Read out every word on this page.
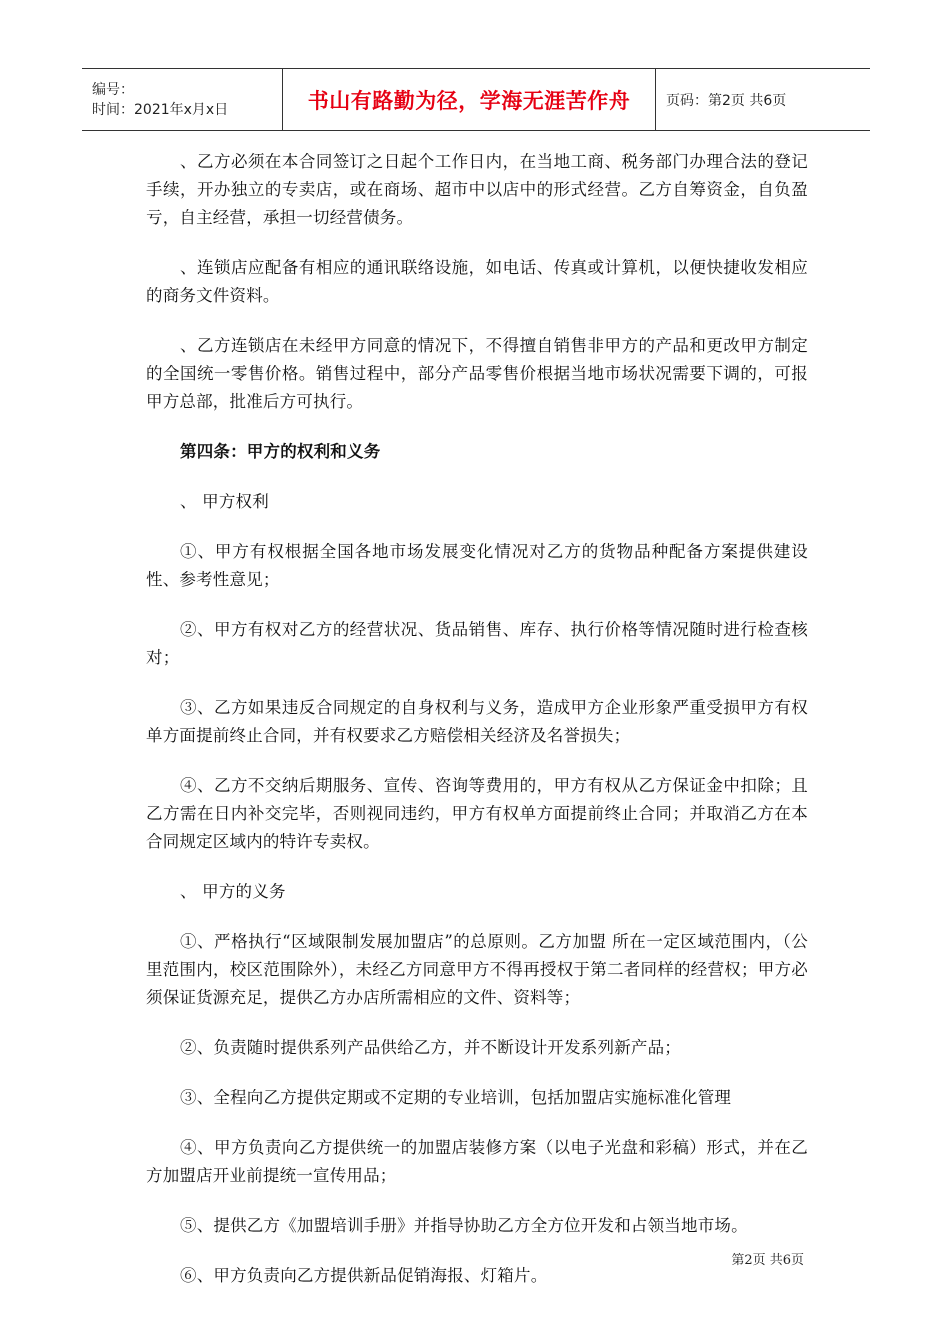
编号：
时间：2021年x月x日	书山有路勤为径，学海无涯苦作舟	页码：第2页 共6页

、乙方必须在本合同签订之日起个工作日内，在当地工商、税务部门办理合法的登记手续，开办独立的专卖店，或在商场、超市中以店中的形式经营。乙方自筹资金，自负盈亏，自主经营，承担一切经营债务。

、连锁店应配备有相应的通讯联络设施，如电话、传真或计算机，以便快捷收发相应的商务文件资料。

、乙方连锁店在未经甲方同意的情况下，不得擅自销售非甲方的产品和更改甲方制定的全国统一零售价格。销售过程中，部分产品零售价根据当地市场状况需要下调的，可报甲方总部，批准后方可执行。

第四条：甲方的权利和义务

、 甲方权利

①、甲方有权根据全国各地市场发展变化情况对乙方的货物品种配备方案提供建设性、参考性意见；

②、甲方有权对乙方的经营状况、货品销售、库存、执行价格等情况随时进行检查核对；

③、乙方如果违反合同规定的自身权利与义务，造成甲方企业形象严重受损甲方有权单方面提前终止合同，并有权要求乙方赔偿相关经济及名誉损失；

④、乙方不交纳后期服务、宣传、咨询等费用的，甲方有权从乙方保证金中扣除；且乙方需在日内补交完毕，否则视同违约，甲方有权单方面提前终止合同；并取消乙方在本合同规定区域内的特许专卖权。

、 甲方的义务

①、严格执行“区域限制发展加盟店”的总原则。乙方加盟 所在一定区域范围内，（公里范围内，校区范围除外），未经乙方同意甲方不得再授权于第二者同样的经营权；甲方必须保证货源充足，提供乙方办店所需相应的文件、资料等；

②、负责随时提供系列产品供给乙方，并不断设计开发系列新产品；

③、全程向乙方提供定期或不定期的专业培训，包括加盟店实施标准化管理

④、甲方负责向乙方提供统一的加盟店装修方案（以电子光盘和彩稿）形式，并在乙方加盟店开业前提统一宣传用品；

⑤、提供乙方《加盟培训手册》并指导协助乙方全方位开发和占领当地市场。

⑥、甲方负责向乙方提供新品促销海报、灯箱片。

第2页 共6页
